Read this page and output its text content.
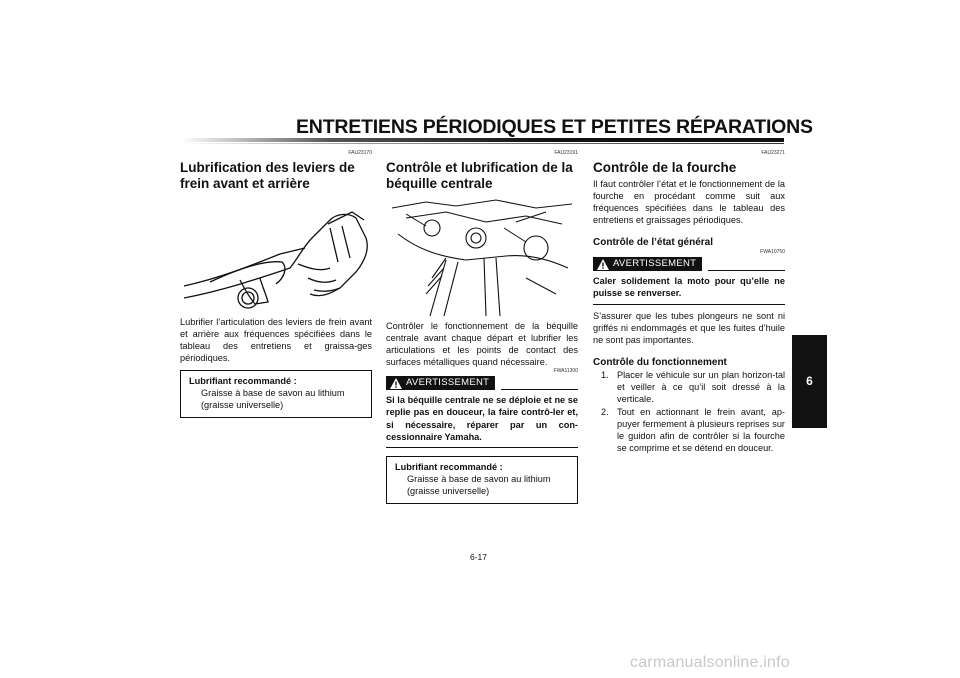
ENTRETIENS PÉRIODIQUES ET PETITES RÉPARATIONS
6
FAU23170
Lubrification des leviers de frein avant et arrière

Lubrifier l’articulation des leviers de frein avant et arrière aux fréquences spécifiées dans le tableau des entretiens et graissa-ges périodiques.

Lubrifiant recommandé :
Graisse à base de savon au lithium (graisse universelle)
FAU23191
Contrôle et lubrification de la béquille centrale

Contrôler le fonctionnement de la béquille centrale avant chaque départ et lubrifier les articulations et les points de contact des surfaces métalliques quand nécessaire.

FWA11300
AVERTISSEMENT

Si la béquille centrale ne se déploie et ne se replie pas en douceur, la faire contrô-ler et, si nécessaire, réparer par un con-cessionnaire Yamaha.

Lubrifiant recommandé :
Graisse à base de savon au lithium (graisse universelle)
FAU23271
Contrôle de la fourche

Il faut contrôler l’état et le fonctionnement de la fourche en procédant comme suit aux fréquences spécifiées dans le tableau des entretiens et graissages périodiques.

Contrôle de l’état général
FWA10750
AVERTISSEMENT

Caler solidement la moto pour qu’elle ne puisse se renverser.

S’assurer que les tubes plongeurs ne sont ni griffés ni endommagés et que les fuites d’huile ne sont pas importantes.

Contrôle du fonctionnement
1. Placer le véhicule sur un plan horizon-tal et veiller à ce qu’il soit dressé à la verticale.
2. Tout en actionnant le frein avant, ap-puyer fermement à plusieurs reprises sur le guidon afin de contrôler si la fourche se comprime et se détend en douceur.
6-17
carmanualsonline.info
